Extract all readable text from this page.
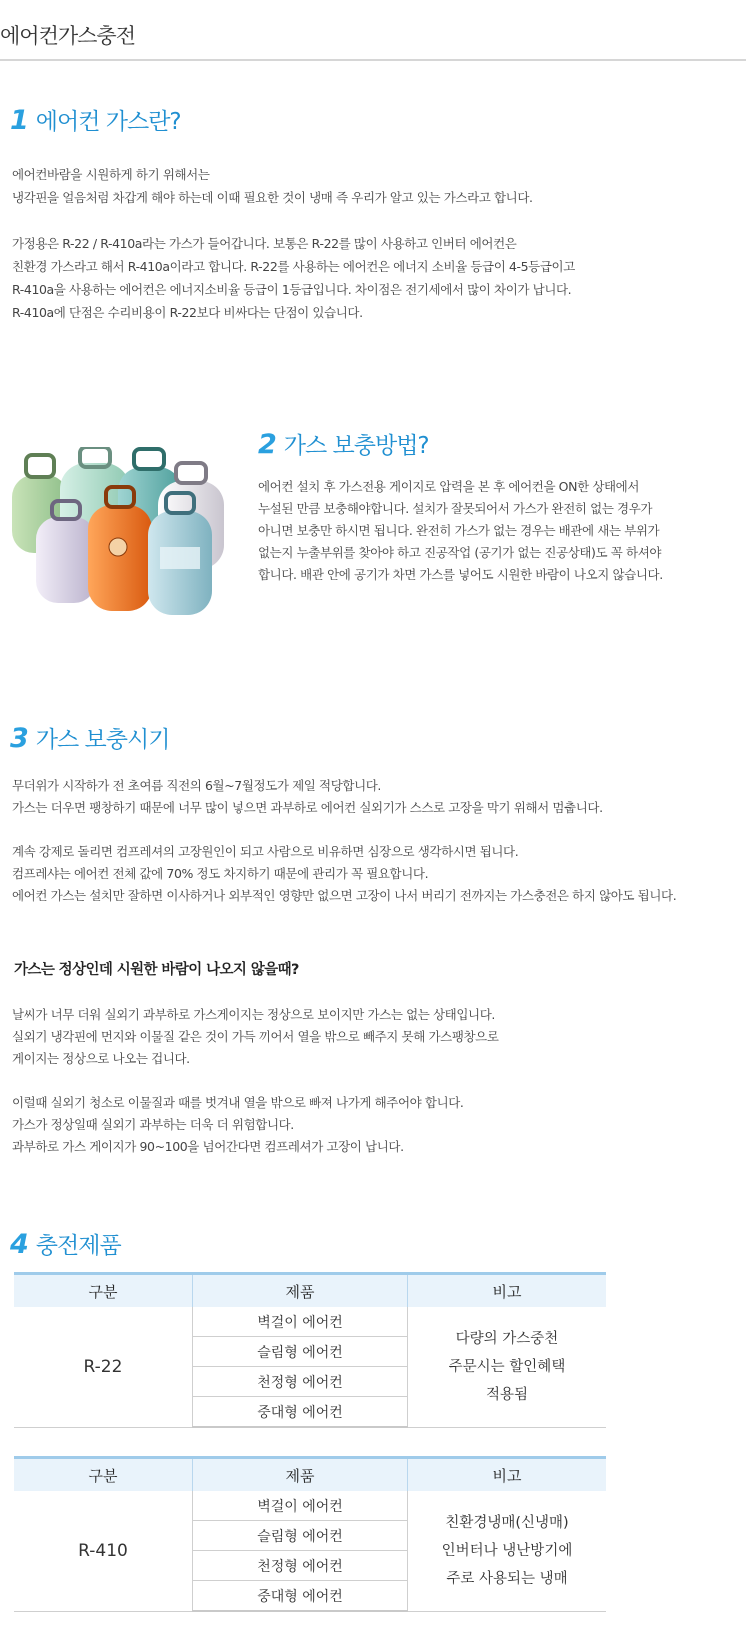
에어컨가스충전
1 에어컨 가스란?
에어컨바람을 시원하게 하기 위해서는
냉각핀을 얼음처럼 차갑게 해야 하는데 이때 필요한 것이 냉매 즉 우리가 알고 있는 가스라고 합니다.
가정용은 R-22 / R-410a라는 가스가 들어갑니다. 보통은 R-22를 많이 사용하고 인버터 에어컨은
친환경 가스라고 해서 R-410a이라고 합니다. R-22를 사용하는 에어컨은 에너지 소비율 등급이 4-5등급이고
R-410a을 사용하는 에어컨은 에너지소비율 등급이 1등급입니다. 차이점은 전기세에서 많이 차이가 납니다.
R-410a에 단점은 수리비용이 R-22보다 비싸다는 단점이 있습니다.
2 가스 보충방법?
에어컨 설치 후 가스전용 게이지로 압력을 본 후 에어컨을 ON한 상태에서
누설된 만큼 보충해야합니다. 설치가 잘못되어서 가스가 완전히 없는 경우가
아니면 보충만 하시면 됩니다. 완전히 가스가 없는 경우는 배관에 새는 부위가
없는지 누출부위를 찾아야 하고 진공작업 (공기가 없는 진공상태)도 꼭 하셔야
합니다. 배관 안에 공기가 차면 가스를 넣어도 시원한 바람이 나오지 않습니다.
3 가스 보충시기
무더위가 시작하가 전 초여름 직전의 6월~7월정도가 제일 적당합니다.
가스는 더우면 팽창하기 때문에 너무 많이 넣으면 과부하로 에어컨 실외기가 스스로 고장을 막기 위해서 멈춥니다.
계속 강제로 돌리면 컴프레셔의 고장원인이 되고 사람으로 비유하면 심장으로 생각하시면 됩니다.
컴프레샤는 에어컨 전체 값에 70% 정도 차지하기 때문에 관리가 꼭 필요합니다.
에어컨 가스는 설치만 잘하면 이사하거나 외부적인 영향만 없으면 고장이 나서 버리기 전까지는 가스충전은 하지 않아도 됩니다.
가스는 정상인데 시원한 바람이 나오지 않을때?
날씨가 너무 더워 실외기 과부하로 가스게이지는 정상으로 보이지만 가스는 없는 상태입니다.
실외기 냉각핀에 먼지와 이물질 같은 것이 가득 끼어서 열을 밖으로 빼주지 못해 가스팽창으로
게이지는 정상으로 나오는 겁니다.
이럴때 실외기 청소로 이물질과 때를 벗겨내 열을 밖으로 빠져 나가게 해주어야 합니다.
가스가 정상일때 실외기 과부하는 더욱 더 위험합니다.
과부하로 가스 게이지가 90~100을 넘어간다면 컴프레셔가 고장이 납니다.
4 충전제품
구분	제품	비고
R-22	벽걸이 에어컨	다량의 가스중천
주문시는 할인혜택
적용됨

	슬림형 에어컨	
	천정형 에어컨	
	중대형 에어컨	
구분	제품	비고
R-410	벽걸이 에어컨	친환경냉매(신냉매)
인버터나 냉난방기에
주로 사용되는 냉매

	슬림형 에어컨	
	천정형 에어컨	
	중대형 에어컨	
